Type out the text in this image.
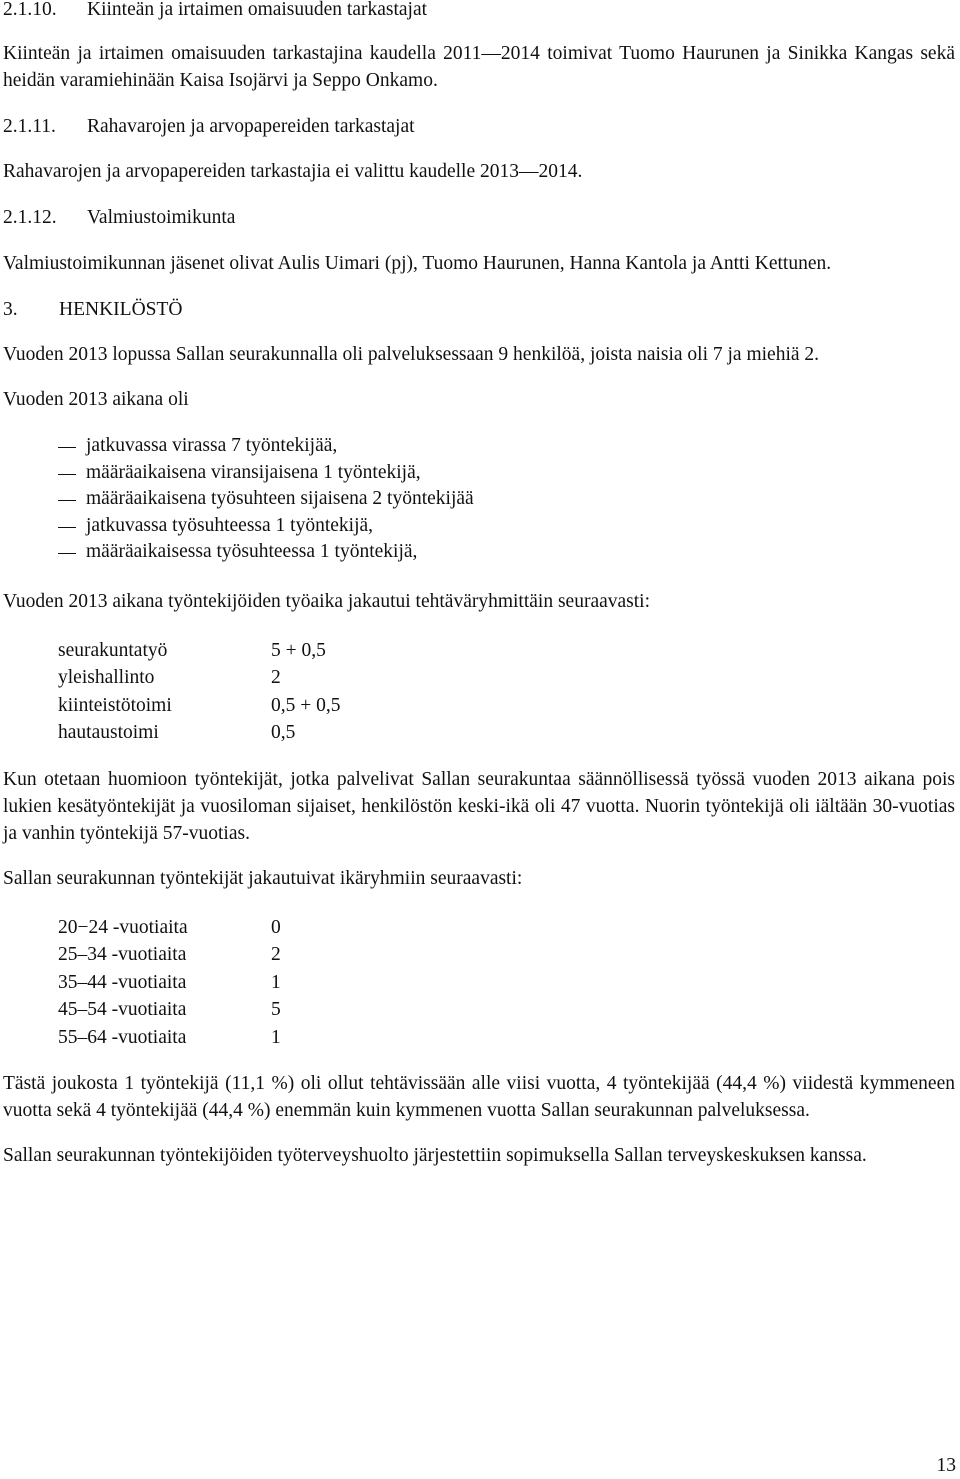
2.1.10. Kiinteän ja irtaimen omaisuuden tarkastajat

Kiinteän ja irtaimen omaisuuden tarkastajina kaudella 2011—2014 toimivat Tuomo Haurunen ja Sinikka Kangas sekä heidän varamiehinään Kaisa Isojärvi ja Seppo Onkamo.

2.1.11. Rahavarojen ja arvopapereiden tarkastajat

Rahavarojen ja arvopapereiden tarkastajia ei valittu kaudelle 2013—2014.

2.1.12. Valmiustoimikunta

Valmiustoimikunnan jäsenet olivat Aulis Uimari (pj), Tuomo Haurunen, Hanna Kantola ja Antti Kettunen.

3. HENKILÖSTÖ

Vuoden 2013 lopussa Sallan seurakunnalla oli palveluksessaan 9 henkilöä, joista naisia oli 7 ja miehiä 2.

Vuoden 2013 aikana oli

jatkuvassa virassa 7 työntekijää,
määräaikaisena viransijaisena 1 työntekijä,
määräaikaisena työsuhteen sijaisena 2 työntekijää
jatkuvassa työsuhteessa 1 työntekijä,
määräaikaisessa työsuhteessa 1 työntekijä,

Vuoden 2013 aikana työntekijöiden työaika jakautui tehtäväryhmittäin seuraavasti:

seurakuntatyö	5 + 0,5
yleishallinto	2
kiinteistötoimi	0,5 + 0,5
hautaustoimi	0,5

Kun otetaan huomioon työntekijät, jotka palvelivat Sallan seurakuntaa säännöllisessä työssä vuoden 2013 aikana pois lukien kesätyöntekijät ja vuosiloman sijaiset, henkilöstön keski-ikä oli 47 vuotta. Nuorin työntekijä oli iältään 30-vuotias ja vanhin työntekijä 57-vuotias.

Sallan seurakunnan työntekijät jakautuivat ikäryhmiin seuraavasti:

20−24 -vuotiaita	0
25‒34 -vuotiaita	2
35‒44 -vuotiaita	1
45‒54 -vuotiaita	5
55‒64 -vuotiaita	1

Tästä joukosta 1 työntekijä (11,1 %) oli ollut tehtävissään alle viisi vuotta, 4 työntekijää (44,4 %) viidestä kymmeneen vuotta sekä 4 työntekijää (44,4 %) enemmän kuin kymmenen vuotta Sallan seurakunnan palveluksessa.

Sallan seurakunnan työntekijöiden työterveyshuolto järjestettiin sopimuksella Sallan terveyskeskuksen kanssa.

13
